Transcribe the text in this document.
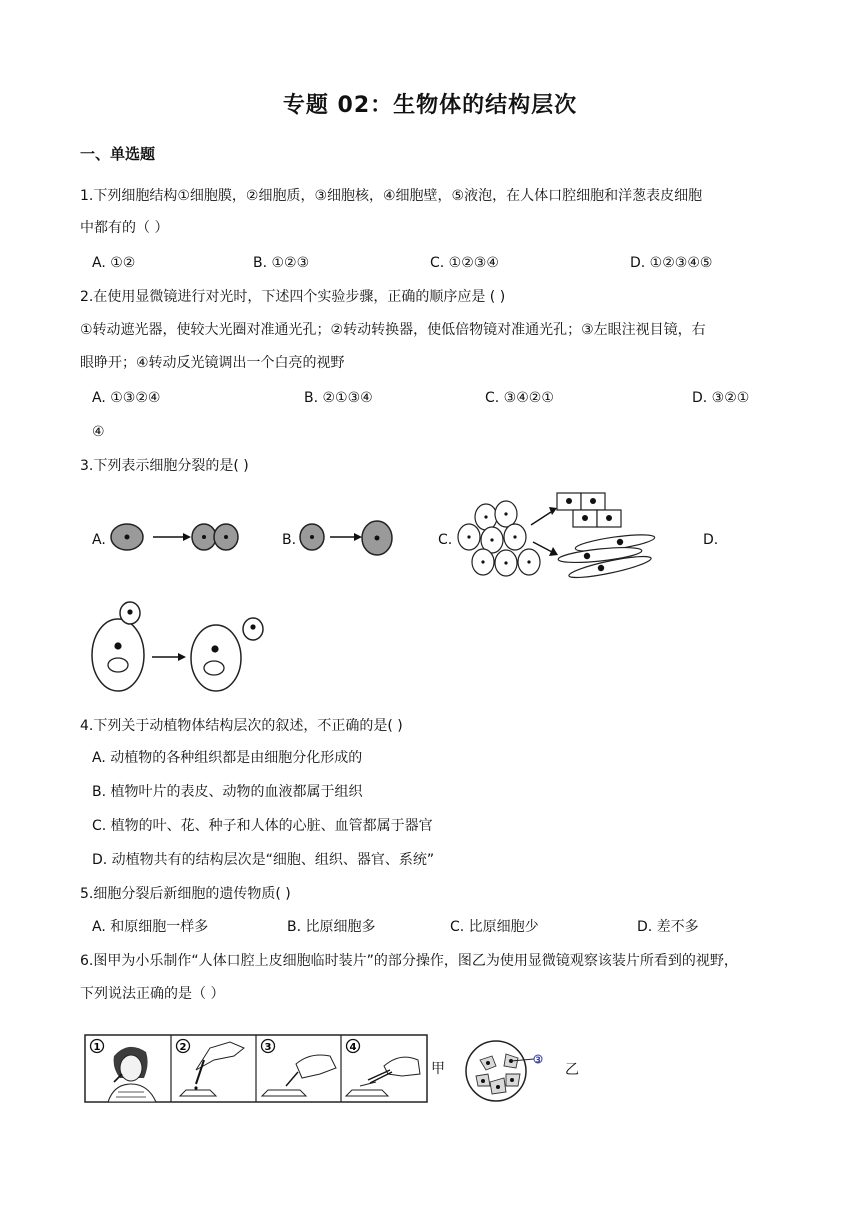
专题 02：生物体的结构层次
一、单选题
1.下列细胞结构①细胞膜，②细胞质，③细胞核，④细胞壁，⑤液泡，在人体口腔细胞和洋葱表皮细胞
中都有的（ ）
A. ①②	B. ①②③	C. ①②③④	D. ①②③④⑤
2.在使用显微镜进行对光时，下述四个实验步骤，正确的顺序应是 ( )
①转动遮光器，使较大光圈对准通光孔；②转动转换器，使低倍物镜对准通光孔；③左眼注视目镜，右
眼睁开；④转动反光镜调出一个白亮的视野
A. ①③②④	B. ②①③④	C. ③④②①	D. ③②①
④
3.下列表示细胞分裂的是( )
A.	B.	C.	D.
4.下列关于动植物体结构层次的叙述，不正确的是( )
A. 动植物的各种组织都是由细胞分化形成的
B. 植物叶片的表皮、动物的血液都属于组织
C. 植物的叶、花、种子和人体的心脏、血管都属于器官
D. 动植物共有的结构层次是“细胞、组织、器官、系统”
5.细胞分裂后新细胞的遗传物质( )
A. 和原细胞一样多	B. 比原细胞多	C. 比原细胞少	D. 差不多
6.图甲为小乐制作“人体口腔上皮细胞临时装片”的部分操作，图乙为使用显微镜观察该装片所看到的视野，
下列说法正确的是（ ）
1	2	3	4
甲
3
乙
